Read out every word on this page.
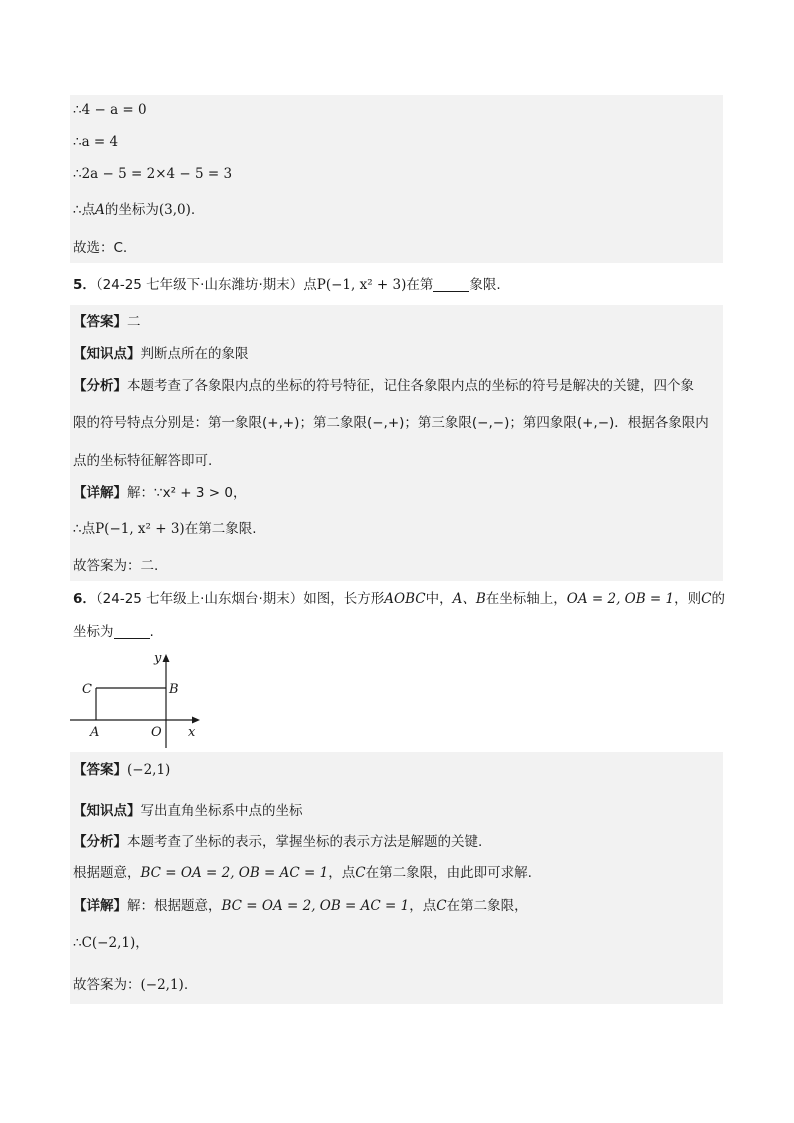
∴4 − a = 0
∴a = 4
∴2a − 5 = 2×4 − 5 = 3
∴点A的坐标为(3,0).
故选：C.
5．（24-25 七年级下·山东潍坊·期末）点P(−1, x² + 3)在第	象限.
【答案】二
【知识点】判断点所在的象限
【分析】本题考查了各象限内点的坐标的符号特征，记住各象限内点的坐标的符号是解决的关键，四个象
限的符号特点分别是：第一象限(+,+)；第二象限(−,+)；第三象限(−,−)；第四象限(+,−)．根据各象限内
点的坐标特征解答即可.
【详解】解：∵x² + 3 > 0，
∴点P(−1, x² + 3)在第二象限.
故答案为：二.
6．（24-25 七年级上·山东烟台·期末）如图，长方形AOBC中，A、B在坐标轴上，OA = 2, OB = 1，则C的
坐标为	.
y
C	B
A	O x
【答案】(−2,1)
【知识点】写出直角坐标系中点的坐标
【分析】本题考查了坐标的表示，掌握坐标的表示方法是解题的关键.
根据题意，BC = OA = 2, OB = AC = 1，点C在第二象限，由此即可求解.
【详解】解：根据题意，BC = OA = 2, OB = AC = 1，点C在第二象限，
∴C(−2,1)，
故答案为：(−2,1).
